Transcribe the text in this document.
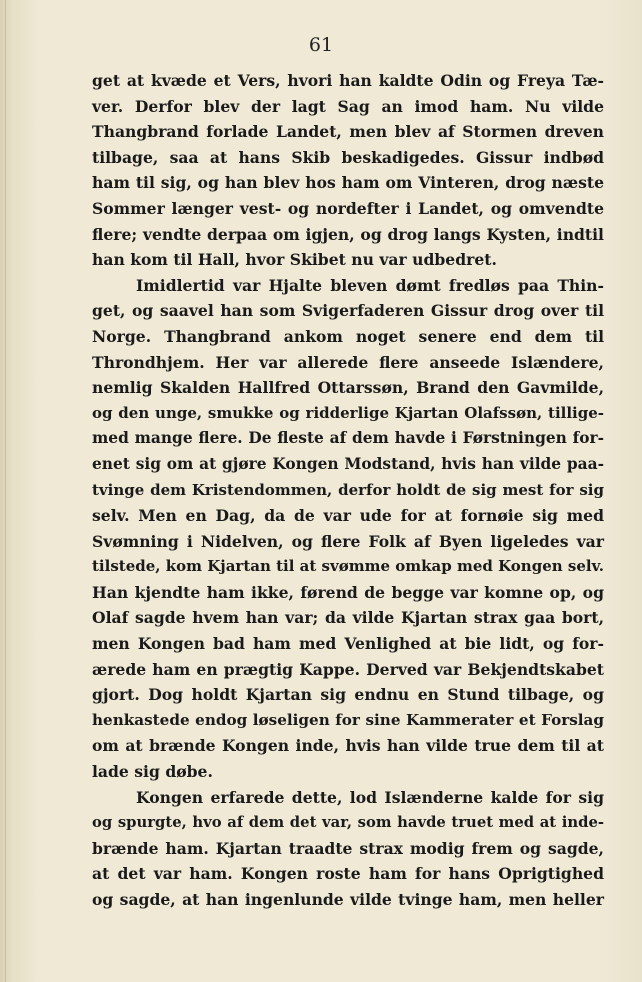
61
get at kvæde et Vers, hvori han kaldte Odin og Freya Tæ-
ver. Derfor blev der lagt Sag an imod ham. Nu vilde
Thangbrand forlade Landet, men blev af Stormen dreven
tilbage, saa at hans Skib beskadigedes. Gissur indbød
ham til sig, og han blev hos ham om Vinteren, drog næste
Sommer længer vest- og nordefter i Landet, og omvendte
flere; vendte derpaa om igjen, og drog langs Kysten, indtil
han kom til Hall, hvor Skibet nu var udbedret.
Imidlertid var Hjalte bleven dømt fredløs paa Thin-
get, og saavel han som Svigerfaderen Gissur drog over til
Norge. Thangbrand ankom noget senere end dem til
Throndhjem. Her var allerede flere anseede Islændere,
nemlig Skalden Hallfred Ottarssøn, Brand den Gavmilde,
og den unge, smukke og ridderlige Kjartan Olafssøn, tillige-
med mange flere. De fleste af dem havde i Førstningen for-
enet sig om at gjøre Kongen Modstand, hvis han vilde paa-
tvinge dem Kristendommen, derfor holdt de sig mest for sig
selv. Men en Dag, da de var ude for at fornøie sig med
Svømning i Nidelven, og flere Folk af Byen ligeledes var
tilstede, kom Kjartan til at svømme omkap med Kongen selv.
Han kjendte ham ikke, førend de begge var komne op, og
Olaf sagde hvem han var; da vilde Kjartan strax gaa bort,
men Kongen bad ham med Venlighed at bie lidt, og for-
ærede ham en prægtig Kappe. Derved var Bekjendtskabet
gjort. Dog holdt Kjartan sig endnu en Stund tilbage, og
henkastede endog løseligen for sine Kammerater et Forslag
om at brænde Kongen inde, hvis han vilde true dem til at
lade sig døbe.
Kongen erfarede dette, lod Islænderne kalde for sig
og spurgte, hvo af dem det var, som havde truet med at inde-
brænde ham. Kjartan traadte strax modig frem og sagde,
at det var ham. Kongen roste ham for hans Oprigtighed
og sagde, at han ingenlunde vilde tvinge ham, men heller
